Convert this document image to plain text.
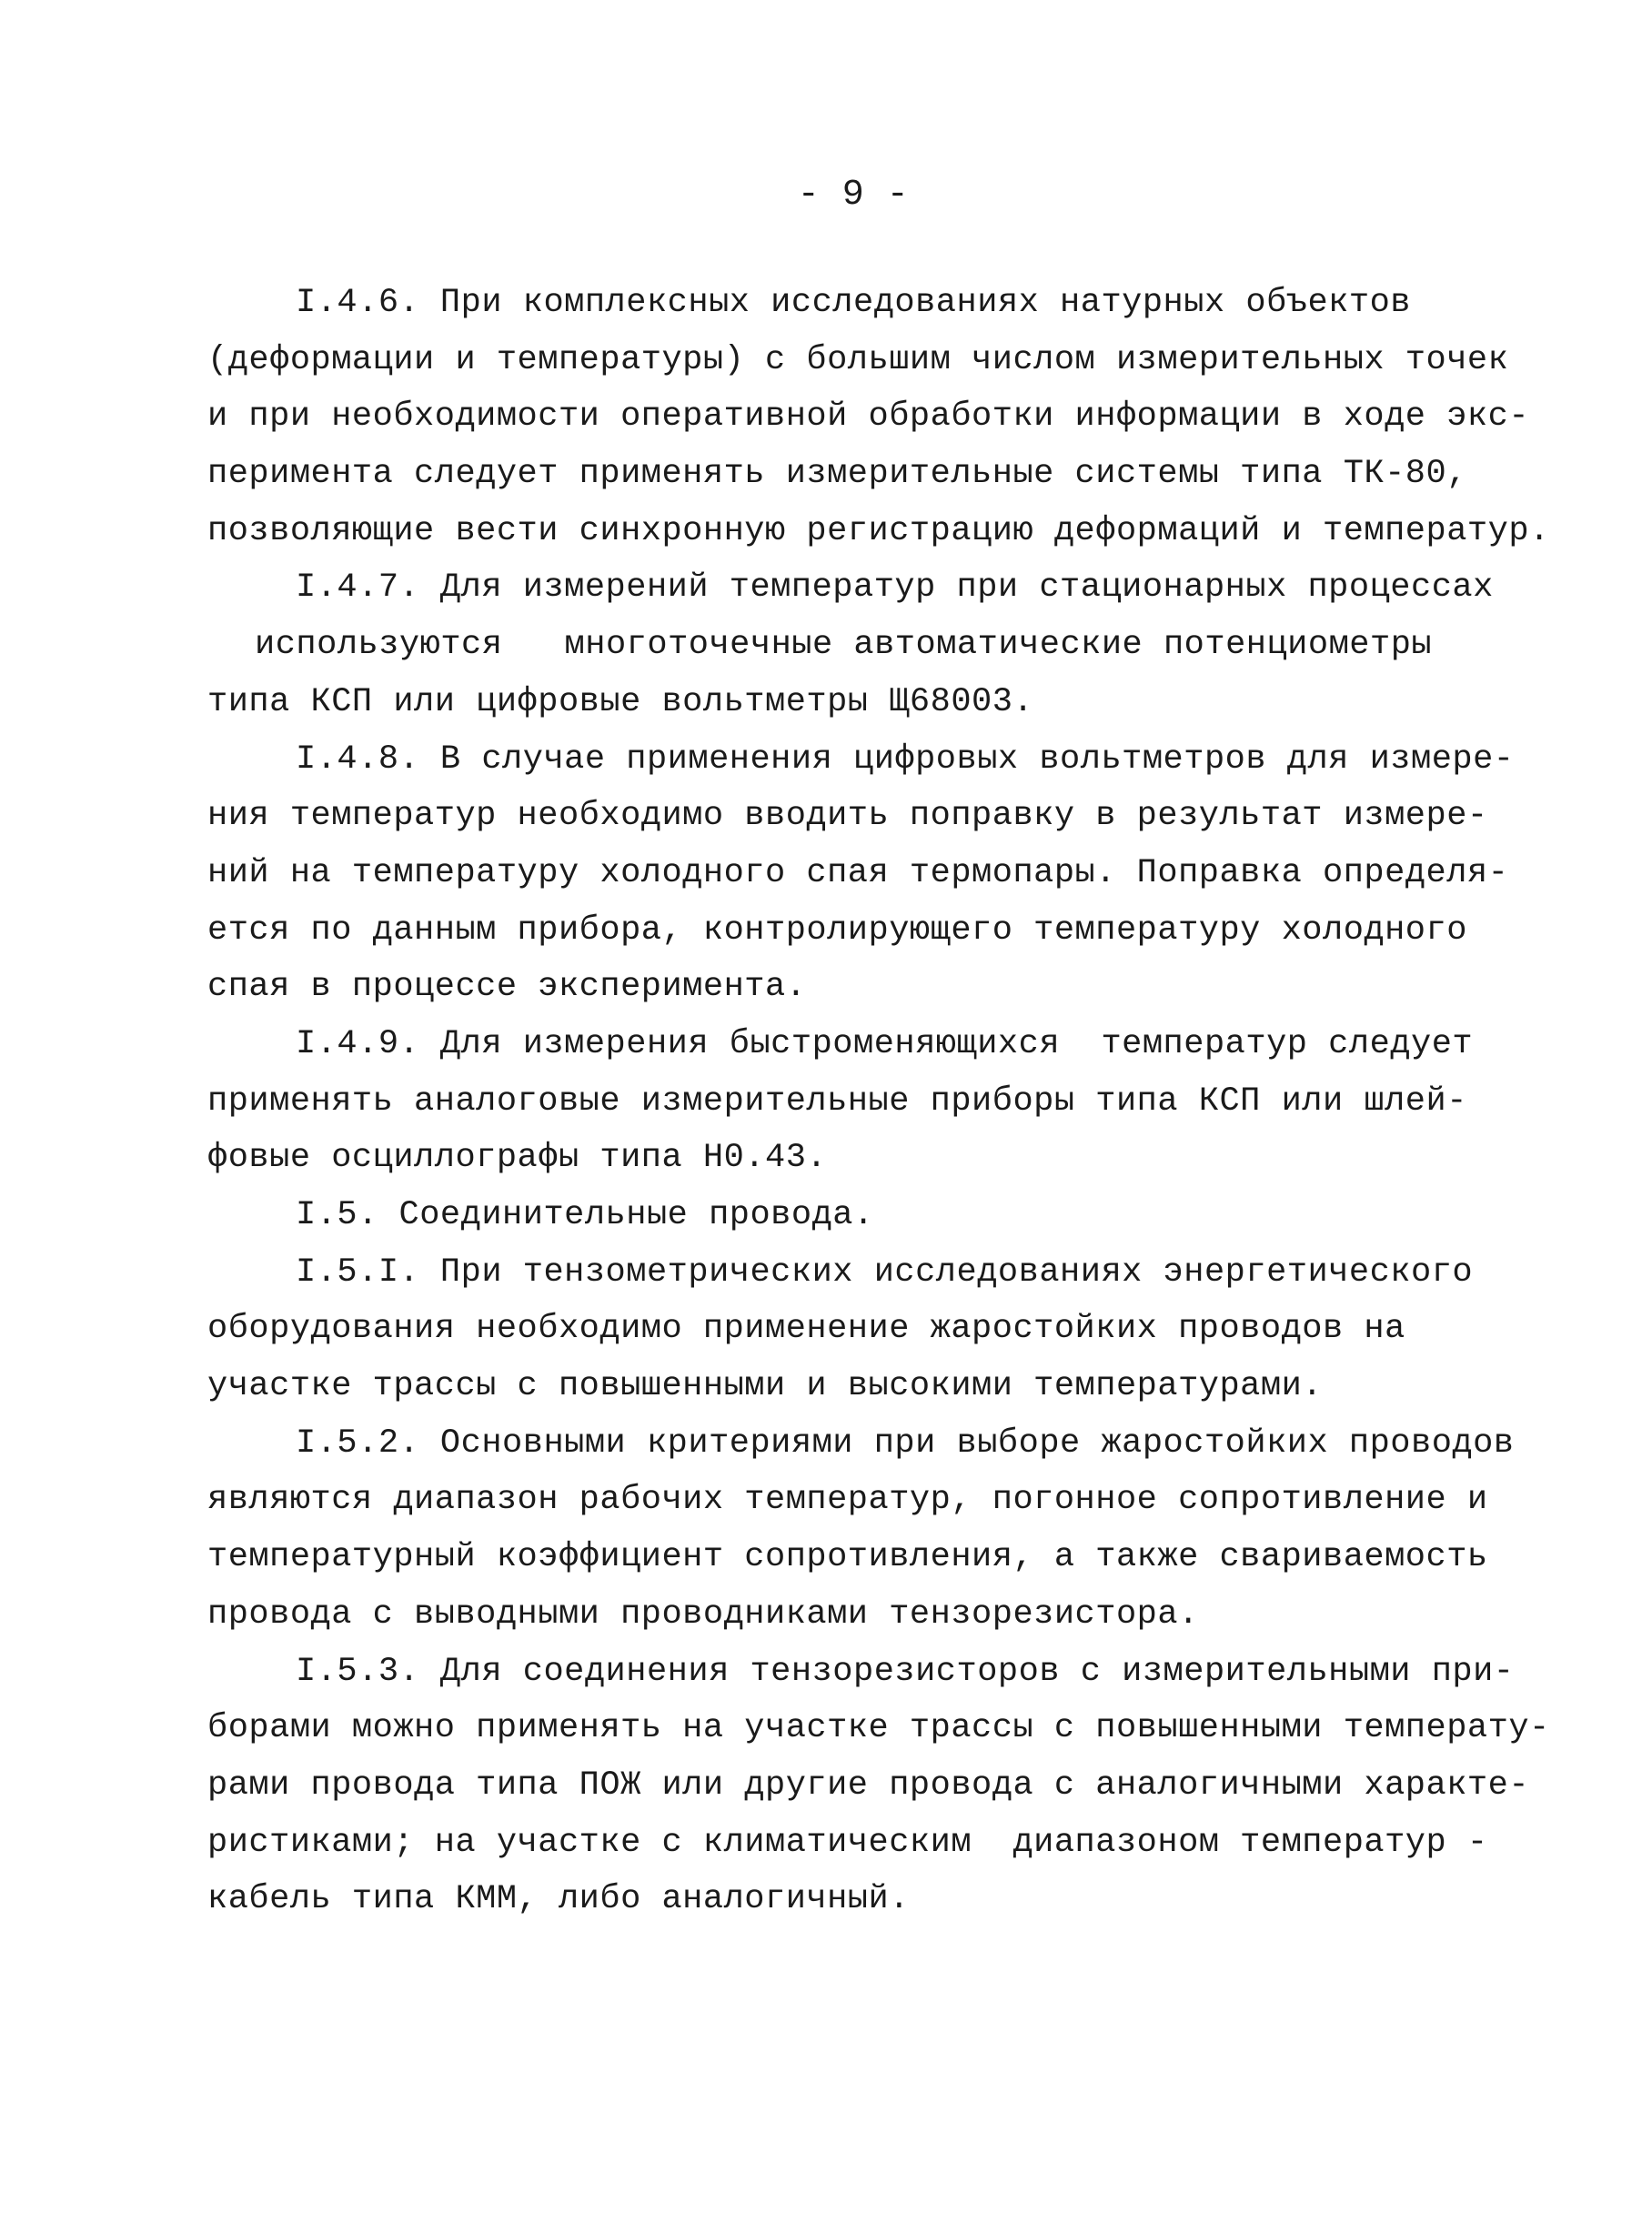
- 9 -
I.4.6. При комплексных исследованиях натурных объектов
(деформации и температуры) с большим числом измерительных точек
и при необходимости оперативной обработки информации в ходе экс-
перимента следует применять измерительные системы типа ТК-80,
позволяющие вести синхронную регистрацию деформаций и температур.
I.4.7. Для измерений температур при стационарных процессах
используются   многоточечные автоматические потенциометры
типа КСП или цифровые вольтметры Щ68003.
I.4.8. В случае применения цифровых вольтметров для измере-
ния температур необходимо вводить поправку в результат измере-
ний на температуру холодного спая термопары. Поправка определя-
ется по данным прибора, контролирующего температуру холодного
спая в процессе эксперимента.
I.4.9. Для измерения быстроменяющихся  температур следует
применять аналоговые измерительные приборы типа КСП или шлей-
фовые осциллографы типа Н0.43.
I.5. Соединительные провода.
I.5.I. При тензометрических исследованиях энергетического
оборудования необходимо применение жаростойких проводов на
участке трассы с повышенными и высокими температурами.
I.5.2. Основными критериями при выборе жаростойких проводов
являются диапазон рабочих температур, погонное сопротивление и
температурный коэффициент сопротивления, а также свариваемость
провода с выводными проводниками тензорезистора.
I.5.3. Для соединения тензорезисторов с измерительными при-
борами можно применять на участке трассы с повышенными температу-
рами провода типа ПОЖ или другие провода с аналогичными характе-
ристиками; на участке с климатическим  диапазоном температур -
кабель типа КММ, либо аналогичный.
